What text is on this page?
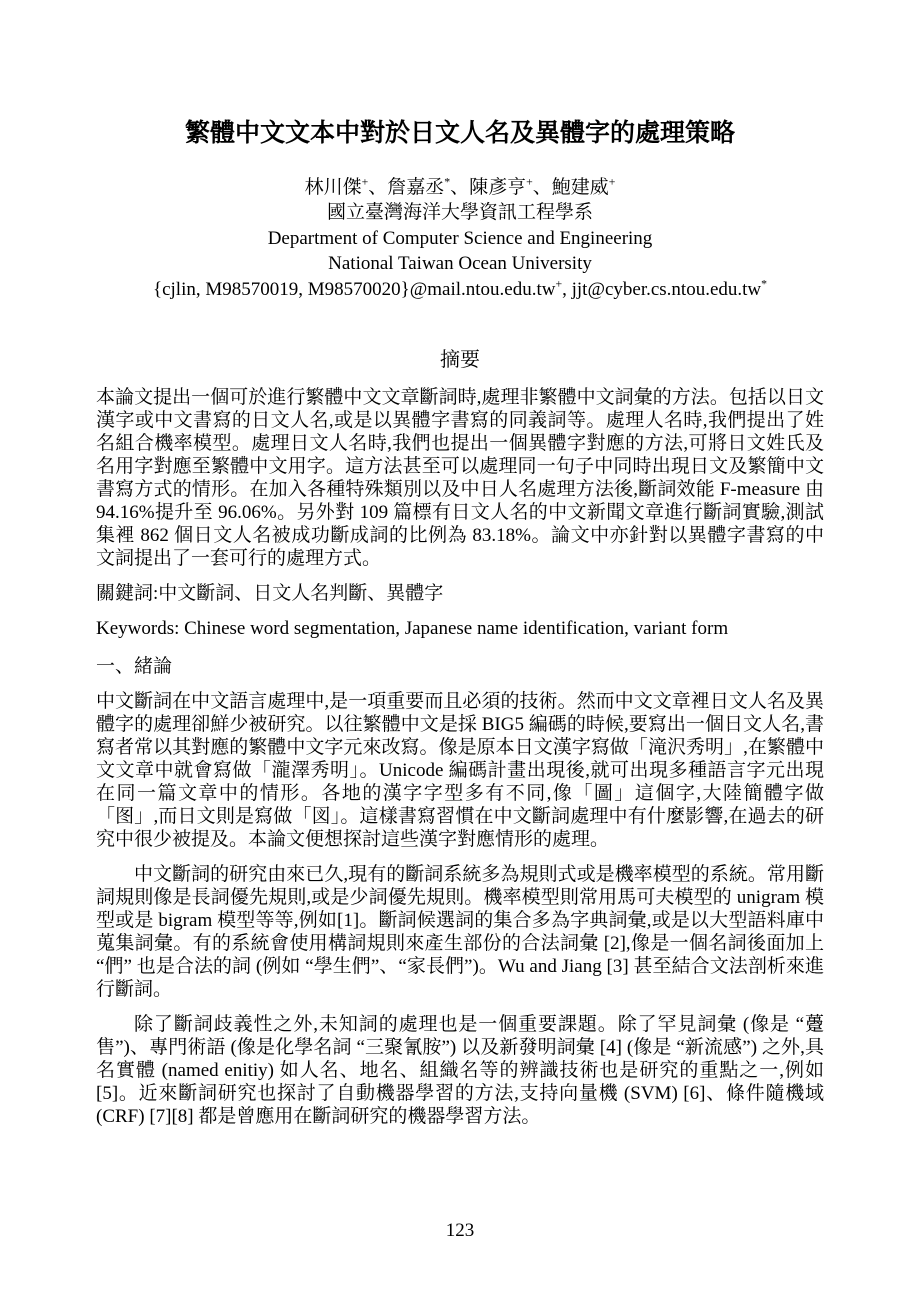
繁體中文文本中對於日文人名及異體字的處理策略

林川傑+、詹嘉丞*、陳彥亨+、鮑建威+

國立臺灣海洋大學資訊工程學系

Department of Computer Science and Engineering

National Taiwan Ocean University

{cjlin, M98570019, M98570020}@mail.ntou.edu.tw+, jjt@cyber.cs.ntou.edu.tw*

摘要

本論文提出一個可於進行繁體中文文章斷詞時,處理非繁體中文詞彙的方法。包括以日文漢字或中文書寫的日文人名,或是以異體字書寫的同義詞等。處理人名時,我們提出了姓名組合機率模型。處理日文人名時,我們也提出一個異體字對應的方法,可將日文姓氏及名用字對應至繁體中文用字。這方法甚至可以處理同一句子中同時出現日文及繁簡中文書寫方式的情形。在加入各種特殊類別以及中日人名處理方法後,斷詞效能 F-measure 由 94.16%提升至 96.06%。另外對 109 篇標有日文人名的中文新聞文章進行斷詞實驗,測試集裡 862 個日文人名被成功斷成詞的比例為 83.18%。論文中亦針對以異體字書寫的中文詞提出了一套可行的處理方式。

關鍵詞:中文斷詞、日文人名判斷、異體字

Keywords: Chinese word segmentation, Japanese name identification, variant form

一、緒論

中文斷詞在中文語言處理中,是一項重要而且必須的技術。然而中文文章裡日文人名及異體字的處理卻鮮少被研究。以往繁體中文是採 BIG5 編碼的時候,要寫出一個日文人名,書寫者常以其對應的繁體中文字元來改寫。像是原本日文漢字寫做「滝沢秀明」,在繁體中文文章中就會寫做「瀧澤秀明」。Unicode 編碼計畫出現後,就可出現多種語言字元出現在同一篇文章中的情形。各地的漢字字型多有不同,像「圖」這個字,大陸簡體字做「图」,而日文則是寫做「図」。這樣書寫習慣在中文斷詞處理中有什麼影響,在過去的研究中很少被提及。本論文便想探討這些漢字對應情形的處理。

中文斷詞的研究由來已久,現有的斷詞系統多為規則式或是機率模型的系統。常用斷詞規則像是長詞優先規則,或是少詞優先規則。機率模型則常用馬可夫模型的 unigram 模型或是 bigram 模型等等,例如[1]。斷詞候選詞的集合多為字典詞彙,或是以大型語料庫中蒐集詞彙。有的系統會使用構詞規則來產生部份的合法詞彙 [2],像是一個名詞後面加上 “們” 也是合法的詞 (例如 “學生們”、“家長們”)。Wu and Jiang [3] 甚至結合文法剖析來進行斷詞。

除了斷詞歧義性之外,未知詞的處理也是一個重要課題。除了罕見詞彙 (像是 “躉售”)、專門術語 (像是化學名詞 “三聚氰胺”) 以及新發明詞彙 [4] (像是 “新流感”) 之外,具名實體 (named enitiy) 如人名、地名、組織名等的辨識技術也是研究的重點之一,例如 [5]。近來斷詞研究也探討了自動機器學習的方法,支持向量機 (SVM) [6]、條件隨機域 (CRF) [7][8] 都是曾應用在斷詞研究的機器學習方法。

123
